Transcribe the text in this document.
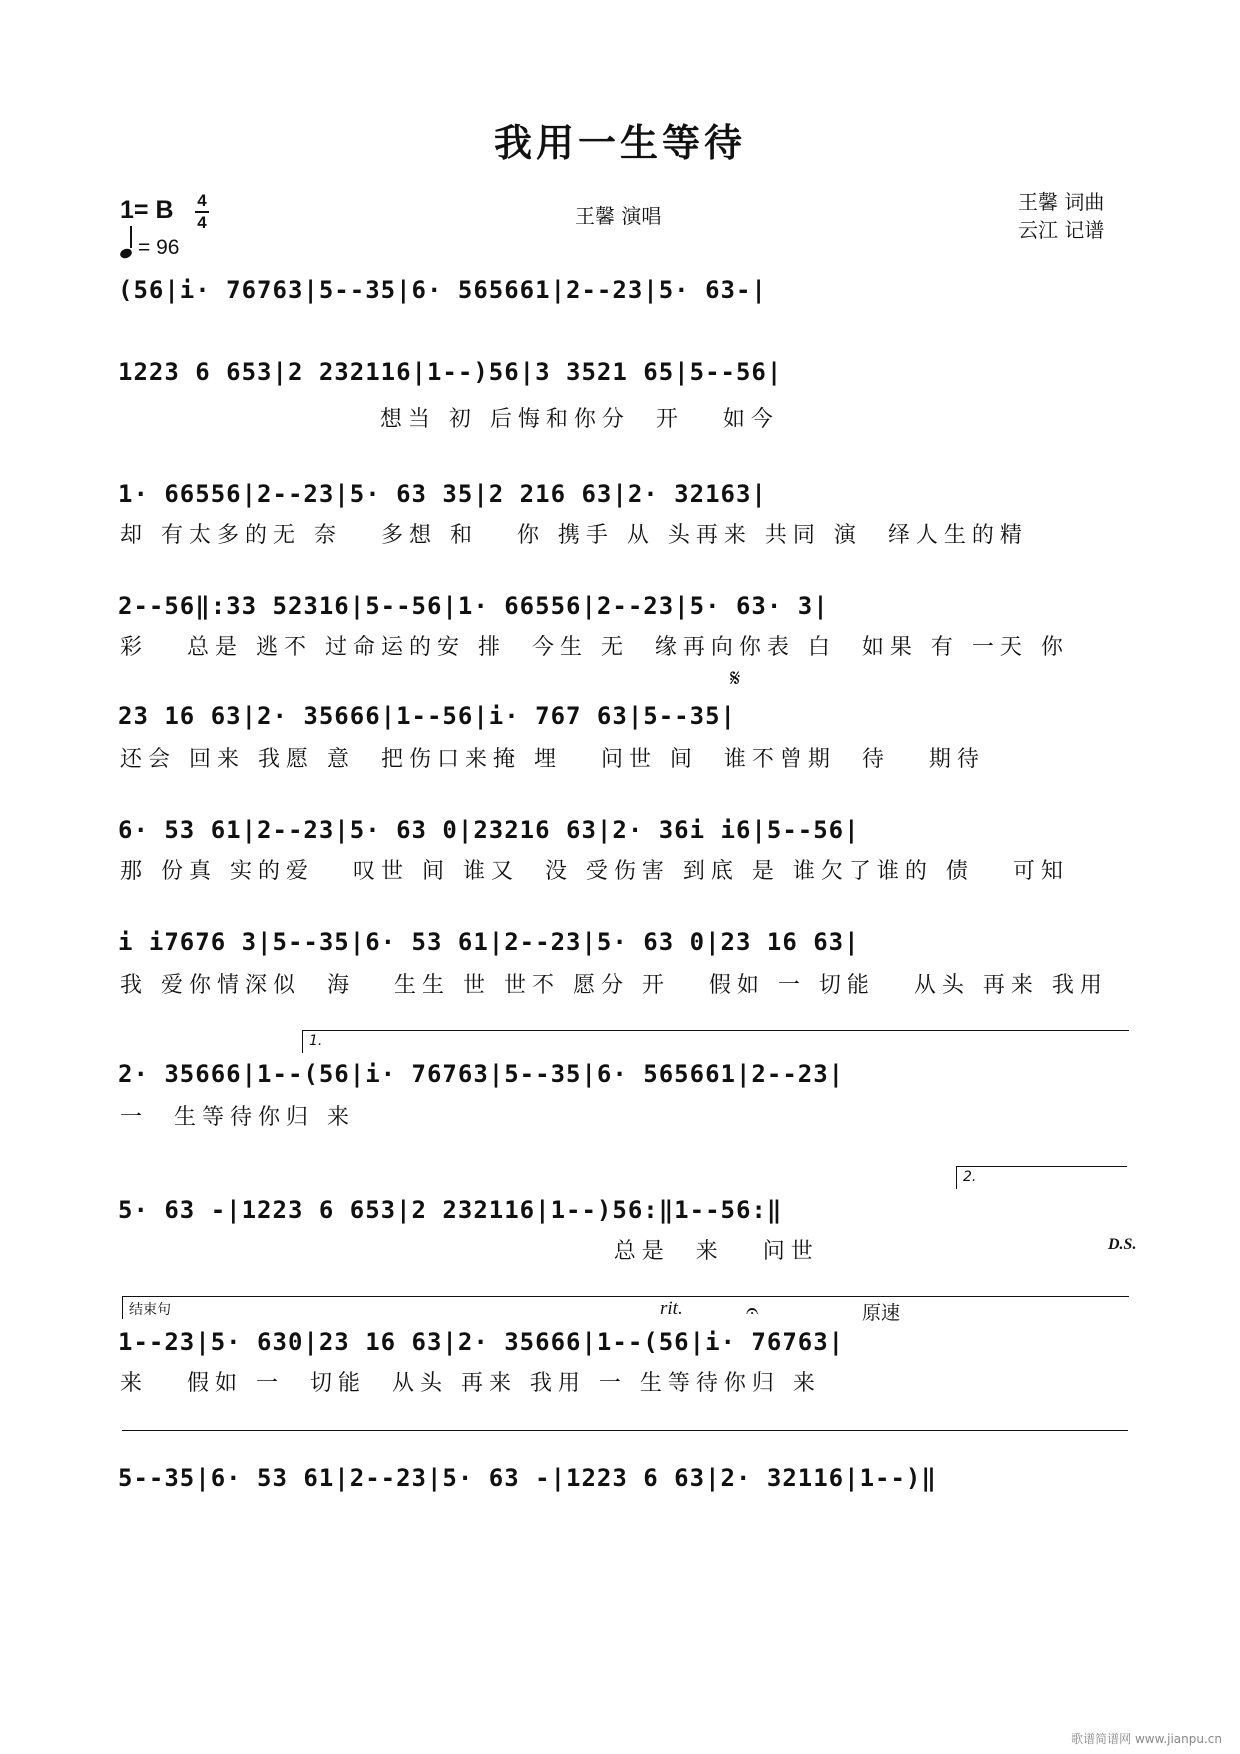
我用一生等待
1= B 4
4
= 96
王馨 演唱
王馨 词曲
云江 记谱
(56|i· 76763|5--35|6· 565661|2--23|5· 63-|
1223 6 653|2 232116|1--)56|3 3521 65|5--56|
想当 初 后悔和你分  开   如今
1· 66556|2--23|5· 63 35|2 216 63|2· 32163|
却 有太多的无 奈   多想 和   你 携手 从 头再来 共同 演  绎人生的精
2--56‖:33 52316|5--56|1· 66556|2--23|5· 63· 3|
彩   总是 逃不 过命运的安 排  今生 无  缘再向你表 白  如果 有 一天 你
𝄋
23 16 63|2· 35666|1--56|i· 767 63|5--35|
还会 回来 我愿 意  把伤口来掩 埋   问世 间  谁不曾期  待   期待
6· 53 61|2--23|5· 63 0|23216 63|2· 36i i6|5--56|
那 份真 实的爱   叹世 间 谁又  没 受伤害 到底 是 谁欠了谁的 债   可知
i i7676 3|5--35|6· 53 61|2--23|5· 63 0|23 16 63|
我 爱你情深似  海   生生 世 世不 愿分 开   假如 一 切能   从头 再来 我用
1.
2· 35666|1--(56|i· 76763|5--35|6· 565661|2--23|
一  生等待你归 来
2.
5· 63 -|1223 6 653|2 232116|1--)56:‖1--56:‖
总是  来   问世	D.S.
结束句	rit.	𝄐	原速
1--23|5· 630|23 16 63|2· 35666|1--(56|i· 76763|
来   假如 一  切能  从头 再来 我用 一 生等待你归 来
5--35|6· 53 61|2--23|5· 63 -|1223 6 63|2· 32116|1--)‖
歌谱简谱网 www.jianpu.cn
